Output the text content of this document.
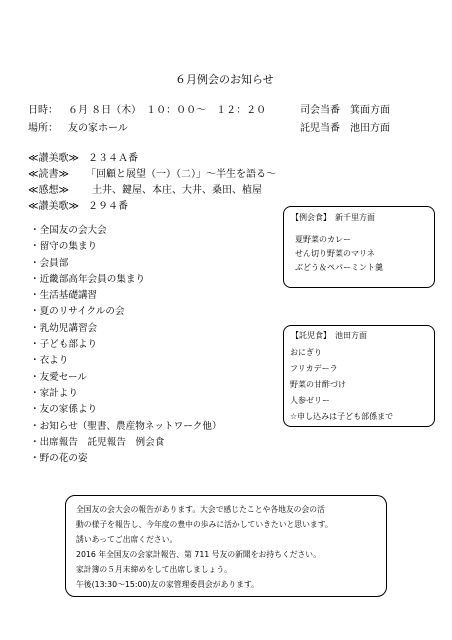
６月例会のお知らせ
日時： ６月 ８日（木）　１０：００〜　１２：２０	司会当番　箕面方面
場所： 友の家ホール	託児当番　池田方面
≪讃美歌≫ ２３４Ａ番
≪読書≫ 「回顧と展望（一）（二）」〜半生を語る〜
≪感想≫ 土井、鍵屋、本庄、大井、桑田、植屋
≪讃美歌≫ ２９４番
・全国友の会大会
・留守の集まり
・会員部
・近畿部高年会員の集まり
・生活基礎講習
・夏のリサイクルの会
・乳幼児講習会
・子ども部より
・衣より
・友愛セール
・家計より
・友の家係より
・お知らせ（聖書、農産物ネットワーク他）
・出席報告　託児報告　例会食
・野の花の姿
【例会食】　新千里方面
夏野菜のカレー
せん切り野菜のマリネ
ぶどう＆ペパーミント羹
【託児食】　池田方面
おにぎり
フリカデーラ
野菜の甘酢づけ
人参ゼリー
☆申し込みは子ども部係まで
全国友の会大会の報告があります。大会で感じたことや各地友の会の活
動の様子を報告し、今年度の豊中の歩みに活かしていきたいと思います。
誘いあってご出席ください。
2016 年全国友の会家計報告、第 711 号友の新聞をお持ちください。
家計簿の５月末締めをして出席しましょう。
午後(13:30〜15:00)友の家管理委員会があります。
